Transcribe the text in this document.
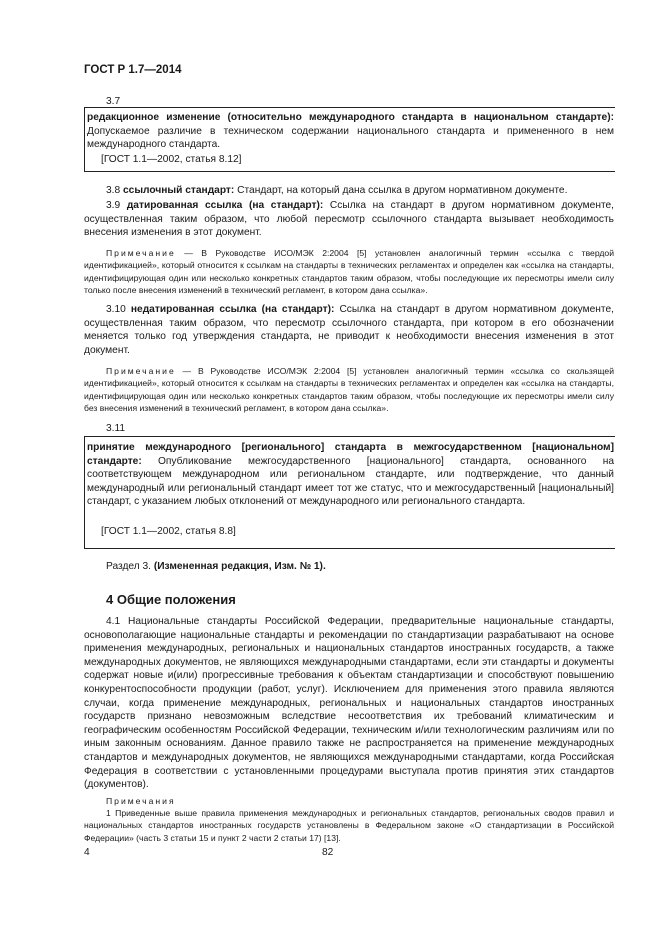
ГОСТ Р 1.7—2014
3.7
редакционное изменение (относительно международного стандарта в национальном стандарте): Допускаемое различие в техническом содержании национального стандарта и примененного в нем международного стандарта.
[ГОСТ 1.1—2002, статья 8.12]
3.8 ссылочный стандарт: Стандарт, на который дана ссылка в другом нормативном документе.
3.9 датированная ссылка (на стандарт): Ссылка на стандарт в другом нормативном документе, осуществленная таким образом, что любой пересмотр ссылочного стандарта вызывает необходимость внесения изменения в этот документ.
Примечание — В Руководстве ИСО/МЭК 2:2004 [5] установлен аналогичный термин «ссылка с твердой идентификацией», который относится к ссылкам на стандарты в технических регламентах и определен как «ссылка на стандарты, идентифицирующая один или несколько конкретных стандартов таким образом, чтобы последующие их пересмотры имели силу только после внесения изменений в технический регламент, в котором дана ссылка».
3.10 недатированная ссылка (на стандарт): Ссылка на стандарт в другом нормативном документе, осуществленная таким образом, что пересмотр ссылочного стандарта, при котором в его обозначении меняется только год утверждения стандарта, не приводит к необходимости внесения изменения в этот документ.
Примечание — В Руководстве ИСО/МЭК 2:2004 [5] установлен аналогичный термин «ссылка со скользящей идентификацией», который относится к ссылкам на стандарты в технических регламентах и определен как «ссылка на стандарты, идентифицирующая один или несколько конкретных стандартов таким образом, чтобы последующие их пересмотры имели силу без внесения изменений в технический регламент, в котором дана ссылка».
3.11
принятие международного [регионального] стандарта в межгосударственном [национальном] стандарте: Опубликование межгосударственного [национального] стандарта, основанного на соответствующем международном или региональном стандарте, или подтверждение, что данный международный или региональный стандарт имеет тот же статус, что и межгосударственный [национальный] стандарт, с указанием любых отклонений от международного или регионального стандарта.
[ГОСТ 1.1—2002, статья 8.8]
Раздел 3. (Измененная редакция, Изм. № 1).
4 Общие положения
4.1 Национальные стандарты Российской Федерации, предварительные национальные стандарты, основополагающие национальные стандарты и рекомендации по стандартизации разрабатывают на основе применения международных, региональных и национальных стандартов иностранных государств, а также международных документов, не являющихся международными стандартами, если эти стандарты и документы содержат новые и(или) прогрессивные требования к объектам стандартизации и способствуют повышению конкурентоспособности продукции (работ, услуг). Исключением для применения этого правила являются случаи, когда применение международных, региональных и национальных стандартов иностранных государств признано невозможным вследствие несоответствия их требований климатическим и географическим особенностям Российской Федерации, техническим и/или технологическим различиям или по иным законным основаниям. Данное правило также не распространяется на применение международных стандартов и международных документов, не являющихся международными стандартами, когда Российская Федерация в соответствии с установленными процедурами выступала против принятия этих стандартов (документов).
Примечания
1 Приведенные выше правила применения международных и региональных стандартов, региональных сводов правил и национальных стандартов иностранных государств установлены в Федеральном законе «О стандартизации в Российской Федерации» (часть 3 статьи 15 и пункт 2 части 2 статьи 17) [13].
4	82
